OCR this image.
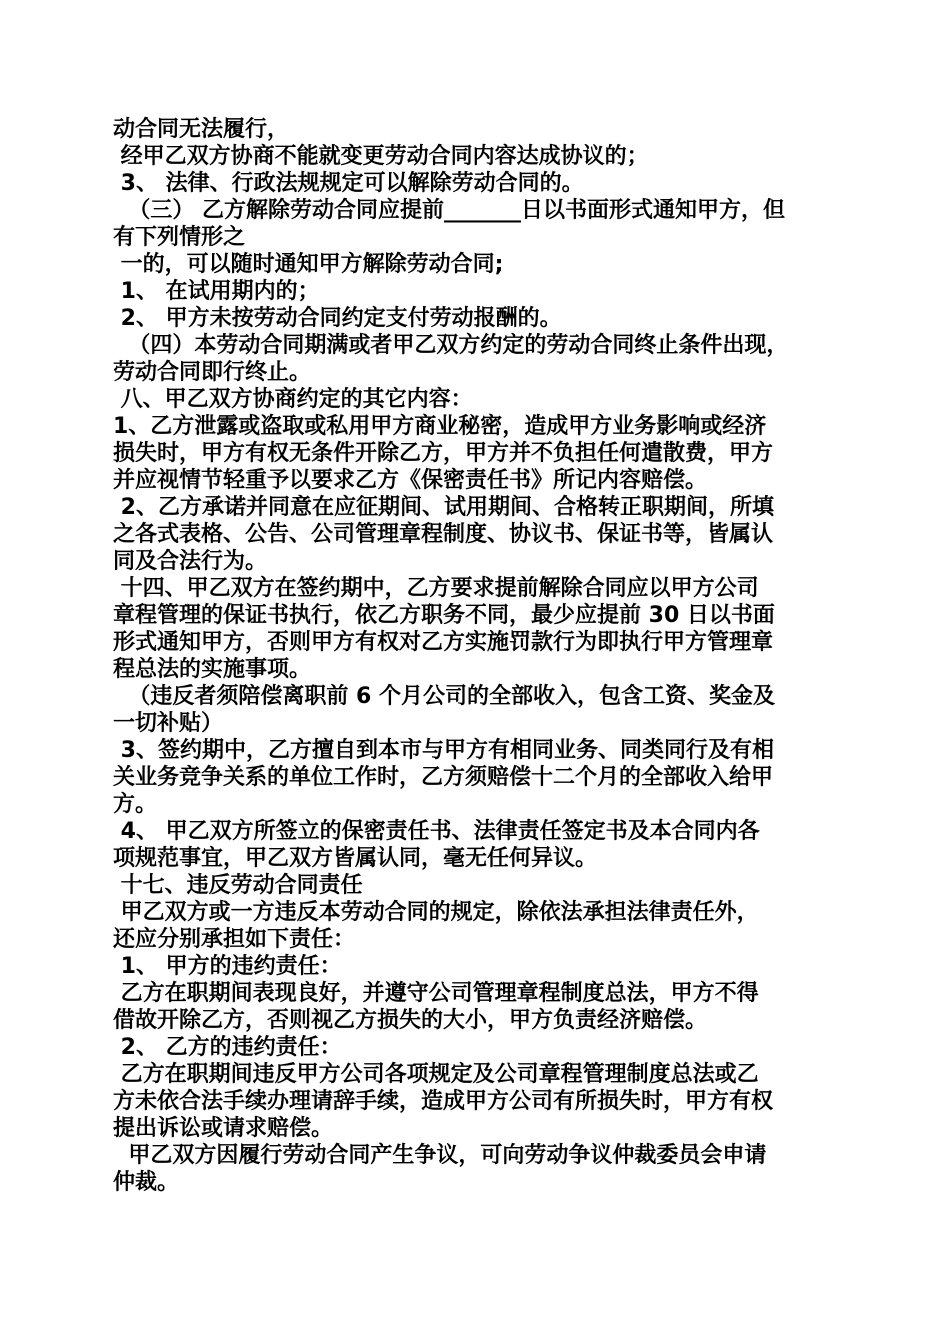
动合同无法履行，
经甲乙双方协商不能就变更劳动合同内容达成协议的；
3、 法律、行政法规规定可以解除劳动合同的。
（三） 乙方解除劳动合同应提前_______日以书面形式通知甲方，但
有下列情形之
一的，可以随时通知甲方解除劳动合同;
1、 在试用期内的；
2、 甲方未按劳动合同约定支付劳动报酬的。
（四）本劳动合同期满或者甲乙双方约定的劳动合同终止条件出现，
劳动合同即行终止。
八、甲乙双方协商约定的其它内容：
1、乙方泄露或盗取或私用甲方商业秘密，造成甲方业务影响或经济
损失时，甲方有权无条件开除乙方，甲方并不负担任何遣散费，甲方
并应视情节轻重予以要求乙方《保密责任书》所记内容赔偿。
2、乙方承诺并同意在应征期间、试用期间、合格转正职期间，所填
之各式表格、公告、公司管理章程制度、协议书、保证书等，皆属认
同及合法行为。
十四、甲乙双方在签约期中，乙方要求提前解除合同应以甲方公司
章程管理的保证书执行，依乙方职务不同，最少应提前 30 日以书面
形式通知甲方，否则甲方有权对乙方实施罚款行为即执行甲方管理章
程总法的实施事项。
（违反者须陪偿离职前 6 个月公司的全部收入，包含工资、奖金及
一切补贴）
3、签约期中，乙方擅自到本市与甲方有相同业务、同类同行及有相
关业务竞争关系的单位工作时，乙方须赔偿十二个月的全部收入给甲
方。
4、 甲乙双方所签立的保密责任书、法律责任签定书及本合同内各
项规范事宜，甲乙双方皆属认同，毫无任何异议。
十七、违反劳动合同责任
甲乙双方或一方违反本劳动合同的规定，除依法承担法律责任外，
还应分别承担如下责任：
1、 甲方的违约责任：
乙方在职期间表现良好，并遵守公司管理章程制度总法，甲方不得
借故开除乙方，否则视乙方损失的大小，甲方负责经济赔偿。
2、 乙方的违约责任：
乙方在职期间违反甲方公司各项规定及公司章程管理制度总法或乙
方未依合法手续办理请辞手续，造成甲方公司有所损失时，甲方有权
提出诉讼或请求赔偿。
甲乙双方因履行劳动合同产生争议，可向劳动争议仲裁委员会申请
仲裁。
